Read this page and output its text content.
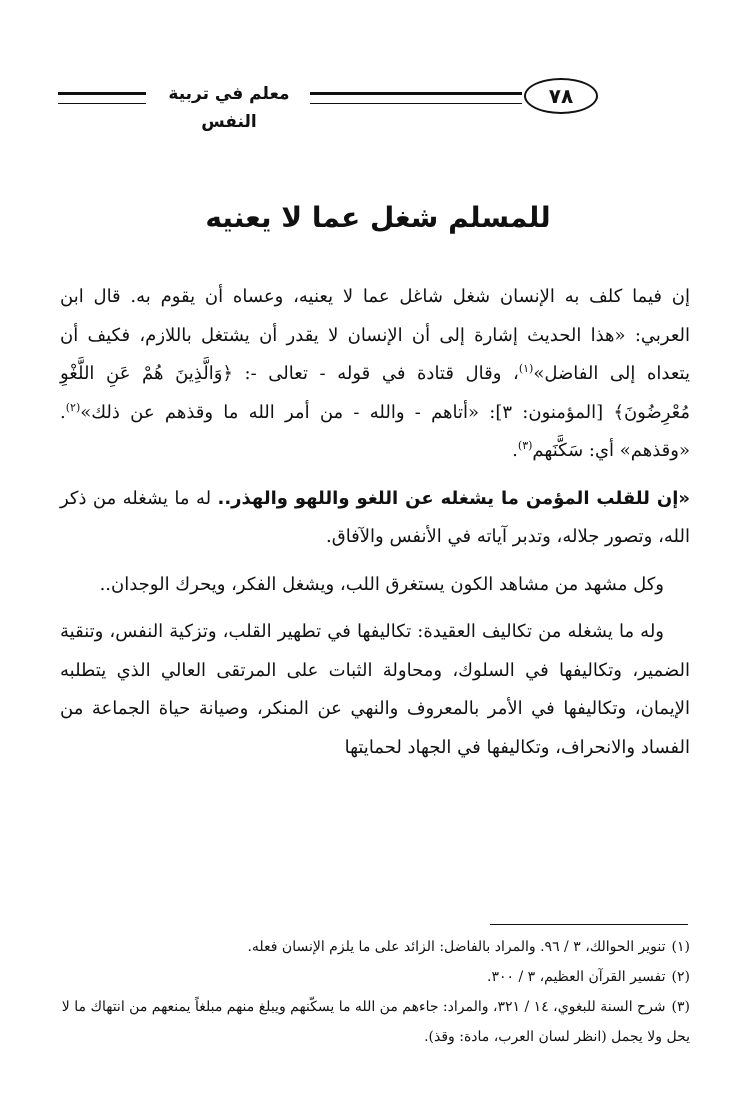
معلم في تربية النفس
٧٨
للمسلم شغل عما لا يعنيه

إن فيما كلف به الإنسان شغل شاغل عما لا يعنيه، وعساه أن يقوم به. قال ابن العربي: «هذا الحديث إشارة إلى أن الإنسان لا يقدر أن يشتغل باللازم، فكيف أن يتعداه إلى الفاضل»$^{(١)}$، وقال قتادة في قوله - تعالى -: ﴿وَالَّذِينَ هُمْ عَنِ اللَّغْوِ مُعْرِضُونَ﴾ [المؤمنون: ٣]: «أتاهم - والله - من أمر الله ما وقذهم عن ذلك»$^{(٢)}$. «وقذهم» أي: سَكَّنَهم$^{(٣)}$.

«إن للقلب المؤمن ما يشغله عن اللغو واللهو والهذر.. له ما يشغله من ذكر الله، وتصور جلاله، وتدبر آياته في الأنفس والآفاق.

وكل مشهد من مشاهد الكون يستغرق اللب، ويشغل الفكر، ويحرك الوجدان..

وله ما يشغله من تكاليف العقيدة: تكاليفها في تطهير القلب، وتزكية النفس، وتنقية الضمير، وتكاليفها في السلوك، ومحاولة الثبات على المرتقى العالي الذي يتطلبه الإيمان، وتكاليفها في الأمر بالمعروف والنهي عن المنكر، وصيانة حياة الجماعة من الفساد والانحراف، وتكاليفها في الجهاد لحمايتها

(١)تنوير الحوالك، ٣ / ٩٦. والمراد بالفاضل: الزائد على ما يلزم الإنسان فعله.

(٢)تفسير القرآن العظيم، ٣ / ٣٠٠.

(٣)شرح السنة للبغوي، ١٤ / ٣٢١، والمراد: جاءهم من الله ما يسكّنهم ويبلغ منهم مبلغاً يمنعهم من انتهاك ما لا يحل ولا يجمل (انظر لسان العرب، مادة: وقذ).
